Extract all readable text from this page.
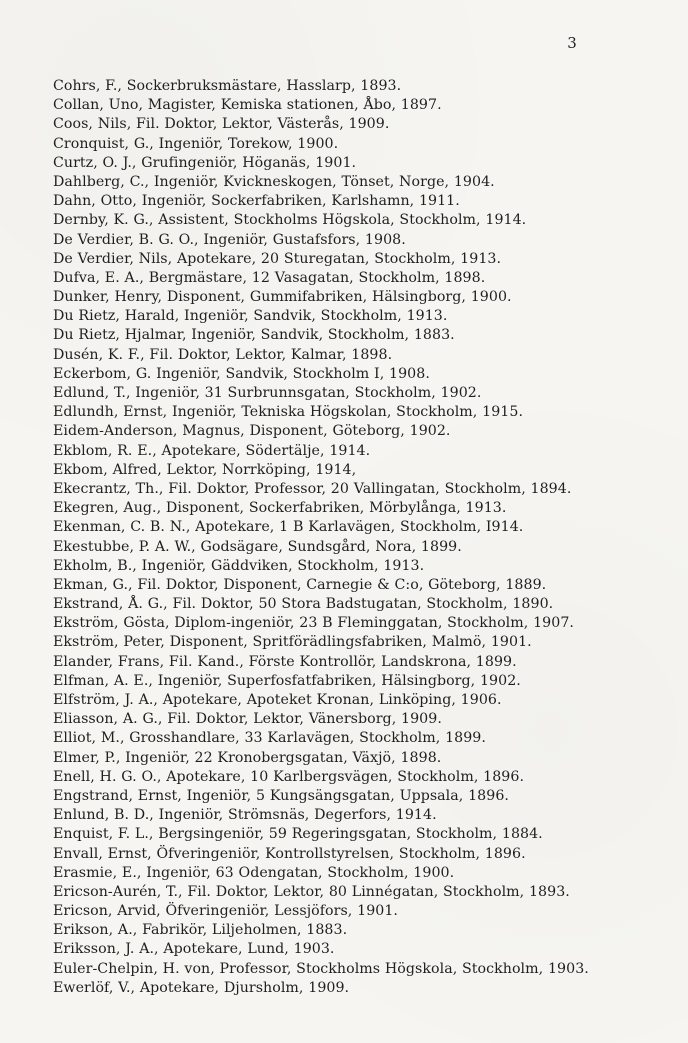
3
Cohrs, F., Sockerbruksmästare, Hasslarp, 1893.
Collan, Uno, Magister, Kemiska stationen, Åbo, 1897.
Coos, Nils, Fil. Doktor, Lektor, Västerås, 1909.
Cronquist, G., Ingeniör, Torekow, 1900.
Curtz, O. J., Grufingeniör, Höganäs, 1901.
Dahlberg, C., Ingeniör, Kvickneskogen, Tönset, Norge, 1904.
Dahn, Otto, Ingeniör, Sockerfabriken, Karlshamn, 1911.
Dernby, K. G., Assistent, Stockholms Högskola, Stockholm, 1914.
De Verdier, B. G. O., Ingeniör, Gustafsfors, 1908.
De Verdier, Nils, Apotekare, 20 Sturegatan, Stockholm, 1913.
Dufva, E. A., Bergmästare, 12 Vasagatan, Stockholm, 1898.
Dunker, Henry, Disponent, Gummifabriken, Hälsingborg, 1900.
Du Rietz, Harald, Ingeniör, Sandvik, Stockholm, 1913.
Du Rietz, Hjalmar, Ingeniör, Sandvik, Stockholm, 1883.
Dusén, K. F., Fil. Doktor, Lektor, Kalmar, 1898.
Eckerbom, G. Ingeniör, Sandvik, Stockholm I, 1908.
Edlund, T., Ingeniör, 31 Surbrunnsgatan, Stockholm, 1902.
Edlundh, Ernst, Ingeniör, Tekniska Högskolan, Stockholm, 1915.
Eidem-Anderson, Magnus, Disponent, Göteborg, 1902.
Ekblom, R. E., Apotekare, Södertälje, 1914.
Ekbom, Alfred, Lektor, Norrköping, 1914,
Ekecrantz, Th., Fil. Doktor, Professor, 20 Vallingatan, Stockholm, 1894.
Ekegren, Aug., Disponent, Sockerfabriken, Mörbylånga, 1913.
Ekenman, C. B. N., Apotekare, 1 B Karlavägen, Stockholm, I914.
Ekestubbe, P. A. W., Godsägare, Sundsgård, Nora, 1899.
Ekholm, B., Ingeniör, Gäddviken, Stockholm, 1913.
Ekman, G., Fil. Doktor, Disponent, Carnegie & C:o, Göteborg, 1889.
Ekstrand, Å. G., Fil. Doktor, 50 Stora Badstugatan, Stockholm, 1890.
Ekström, Gösta, Diplom-ingeniör, 23 B Fleminggatan, Stockholm, 1907.
Ekström, Peter, Disponent, Spritförädlingsfabriken, Malmö, 1901.
Elander, Frans, Fil. Kand., Förste Kontrollör, Landskrona, 1899.
Elfman, A. E., Ingeniör, Superfosfatfabriken, Hälsingborg, 1902.
Elfström, J. A., Apotekare, Apoteket Kronan, Linköping, 1906.
Eliasson, A. G., Fil. Doktor, Lektor, Vänersborg, 1909.
Elliot, M., Grosshandlare, 33 Karlavägen, Stockholm, 1899.
Elmer, P., Ingeniör, 22 Kronobergsgatan, Växjö, 1898.
Enell, H. G. O., Apotekare, 10 Karlbergsvägen, Stockholm, 1896.
Engstrand, Ernst, Ingeniör, 5 Kungsängsgatan, Uppsala, 1896.
Enlund, B. D., Ingeniör, Strömsnäs, Degerfors, 1914.
Enquist, F. L., Bergsingeniör, 59 Regeringsgatan, Stockholm, 1884.
Envall, Ernst, Öfveringeniör, Kontrollstyrelsen, Stockholm, 1896.
Erasmie, E., Ingeniör, 63 Odengatan, Stockholm, 1900.
Ericson-Aurén, T., Fil. Doktor, Lektor, 80 Linnégatan, Stockholm, 1893.
Ericson, Arvid, Öfveringeniör, Lessjöfors, 1901.
Erikson, A., Fabrikör, Liljeholmen, 1883.
Eriksson, J. A., Apotekare, Lund, 1903.
Euler-Chelpin, H. von, Professor, Stockholms Högskola, Stockholm, 1903.
Ewerlöf, V., Apotekare, Djursholm, 1909.
